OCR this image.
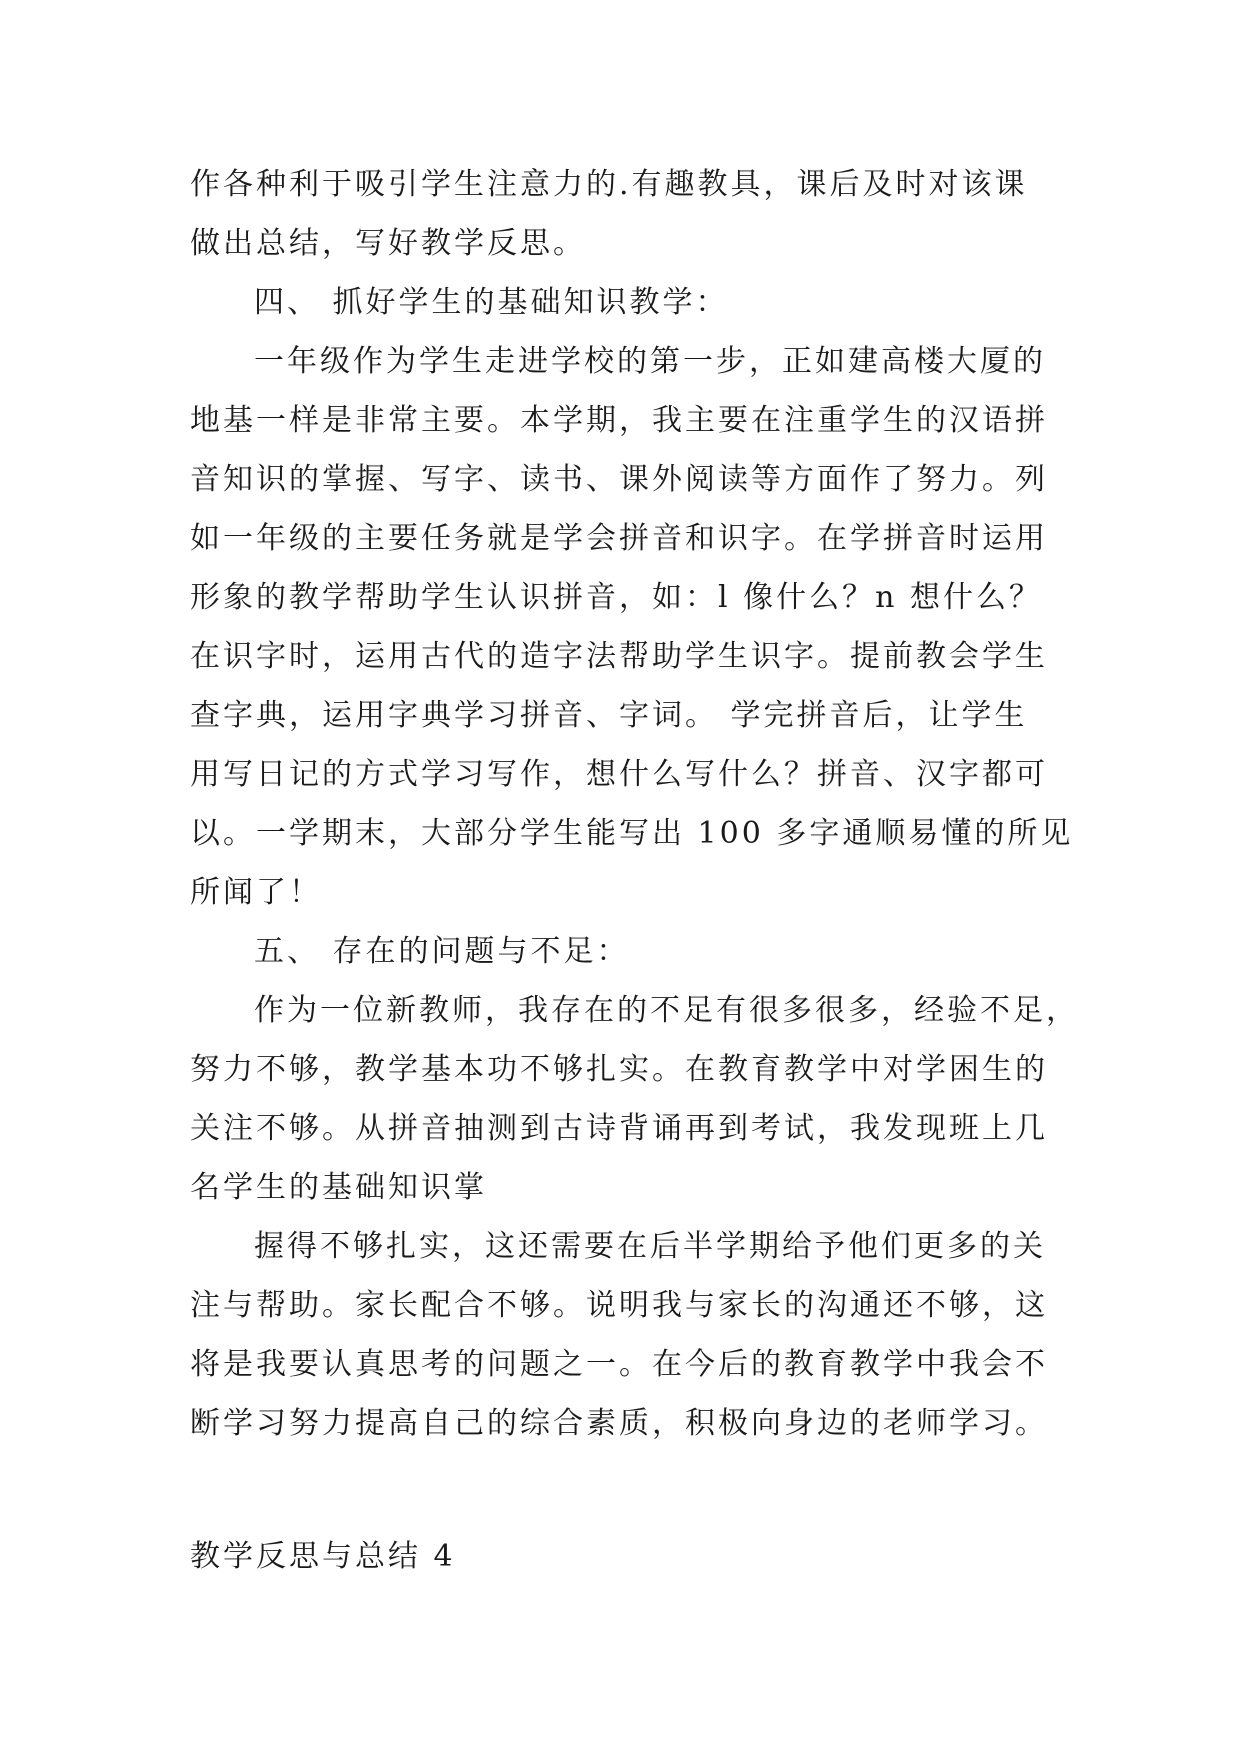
作各种利于吸引学生注意力的.有趣教具，课后及时对该课
做出总结，写好教学反思。
四、 抓好学生的基础知识教学：
一年级作为学生走进学校的第一步，正如建高楼大厦的
地基一样是非常主要。本学期，我主要在注重学生的汉语拼
音知识的掌握、写字、读书、课外阅读等方面作了努力。列
如一年级的主要任务就是学会拼音和识字。在学拼音时运用
形象的教学帮助学生认识拼音，如：l 像什么？n 想什么？
在识字时，运用古代的造字法帮助学生识字。提前教会学生
查字典，运用字典学习拼音、字词。 学完拼音后，让学生
用写日记的方式学习写作，想什么写什么？拼音、汉字都可
以。一学期末，大部分学生能写出 100 多字通顺易懂的所见
所闻了！
五、 存在的问题与不足：
作为一位新教师，我存在的不足有很多很多，经验不足，
努力不够，教学基本功不够扎实。在教育教学中对学困生的
关注不够。从拼音抽测到古诗背诵再到考试，我发现班上几
名学生的基础知识掌
握得不够扎实，这还需要在后半学期给予他们更多的关
注与帮助。家长配合不够。说明我与家长的沟通还不够，这
将是我要认真思考的问题之一。在今后的教育教学中我会不
断学习努力提高自己的综合素质，积极向身边的老师学习。
教学反思与总结 4
